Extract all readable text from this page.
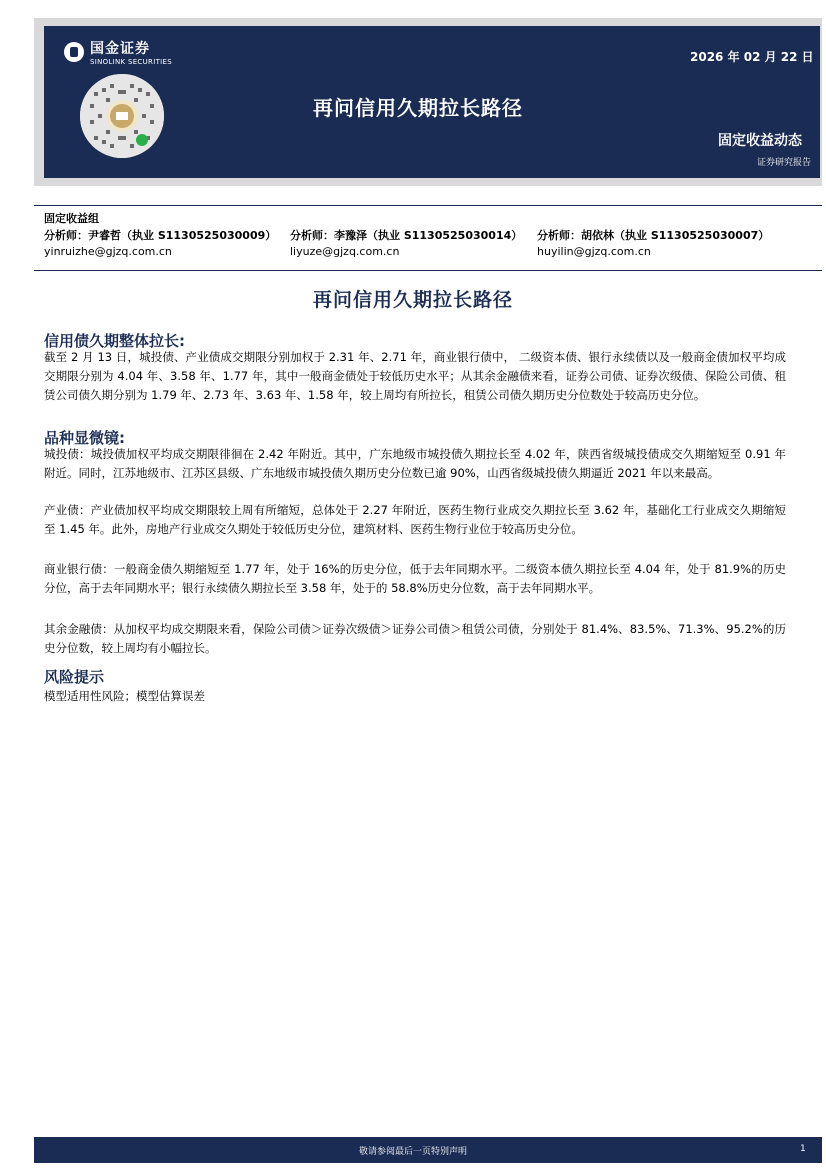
国金证券
SINOLINK SECURITIES	2026 年 02 月 22 日
再问信用久期拉长路径
固定收益动态
证券研究报告
固定收益组
分析师：尹睿哲（执业 S1130525030009） 分析师：李豫泽（执业 S1130525030014） 分析师：胡依林（执业 S1130525030007）
yinruizhe@gjzq.com.cn	liyuze@gjzq.com.cn	huyilin@gjzq.com.cn
再问信用久期拉长路径
信用债久期整体拉长:
截至 2 月 13 日，城投债、产业债成交期限分别加权于 2.31 年、2.71 年，商业银行债中， 二级资本债、银行永续债以及一般商金债加权平均成交期限分别为 4.04 年、3.58 年、1.77 年，其中一般商金债处于较低历史水平；从其余金融债来看，证券公司债、证券次级债、保险公司债、租赁公司债久期分别为 1.79 年、2.73 年、3.63 年、1.58 年，较上周均有所拉长，租赁公司债久期历史分位数处于较高历史分位。
品种显微镜:
城投债：城投债加权平均成交期限徘徊在 2.42 年附近。其中，广东地级市城投债久期拉长至 4.02 年，陕西省级城投债成交久期缩短至 0.91 年附近。同时，江苏地级市、江苏区县级、广东地级市城投债久期历史分位数已逾 90%，山西省级城投债久期逼近 2021 年以来最高。
产业债：产业债加权平均成交期限较上周有所缩短，总体处于 2.27 年附近，医药生物行业成交久期拉长至 3.62 年，基础化工行业成交久期缩短至 1.45 年。此外，房地产行业成交久期处于较低历史分位，建筑材料、医药生物行业位于较高历史分位。
商业银行债：一般商金债久期缩短至 1.77 年，处于 16%的历史分位，低于去年同期水平。二级资本债久期拉长至 4.04 年，处于 81.9%的历史分位，高于去年同期水平；银行永续债久期拉长至 3.58 年，处于的 58.8%历史分位数，高于去年同期水平。
其余金融债：从加权平均成交期限来看，保险公司债＞证券次级债＞证券公司债＞租赁公司债，分别处于 81.4%、83.5%、71.3%、95.2%的历史分位数，较上周均有小幅拉长。
风险提示
模型适用性风险；模型估算误差
敬请参阅最后一页特别声明	1
